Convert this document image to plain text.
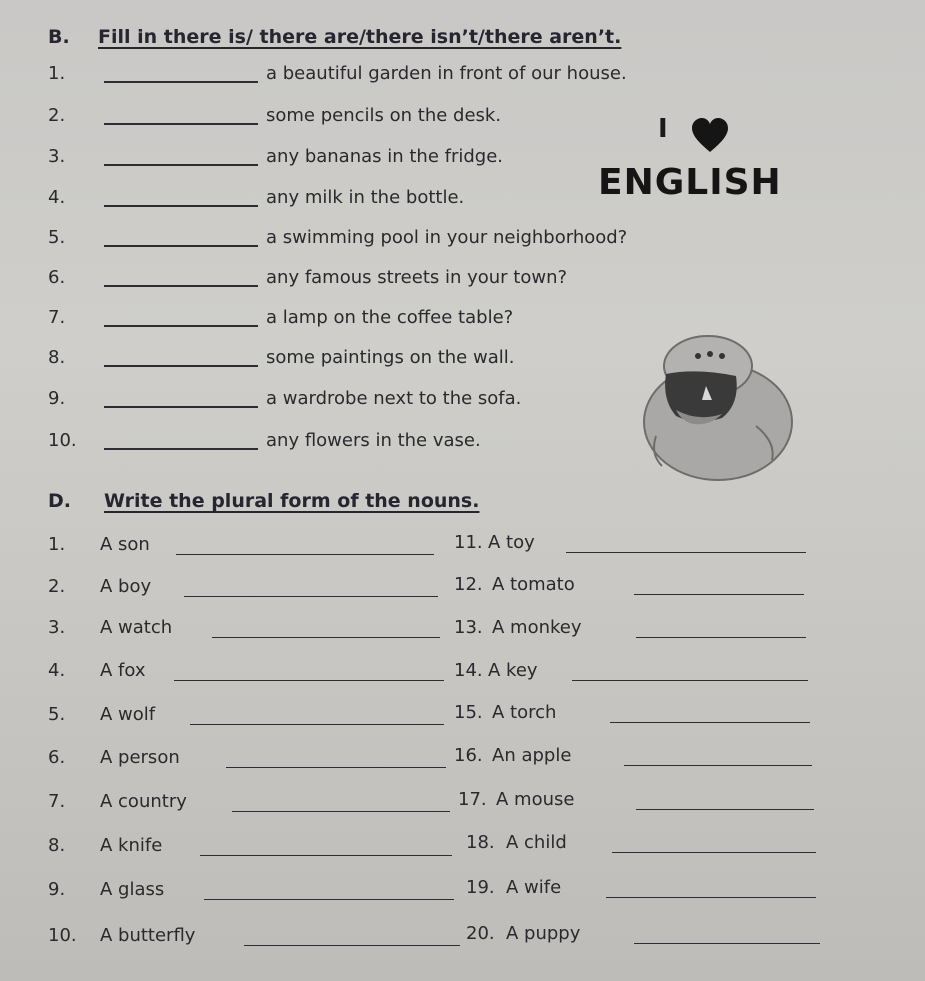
B. Fill in there is/ there are/there isn’t/there aren’t.
1.	a beautiful garden in front of our house.
2.	some pencils on the desk.
3.	any bananas in the fridge.
4.	any milk in the bottle.
5.	a swimming pool in your neighborhood?
6.	any famous streets in your town?
7.	a lamp on the coffee table?
8.	some paintings on the wall.
9.	a wardrobe next to the sofa.
10.	any flowers in the vase.
I
ENGLISH
D. Write the plural form of the nouns.
1. A son
2. A boy
3. A watch
4. A fox
5. A wolf
6. A person
7. A country
8. A knife
9. A glass
10. A butterfly
11. A toy
12. A tomato
13. A monkey
14. A key
15. A torch
16. An apple
17. A mouse
18. A child
19. A wife
20. A puppy
